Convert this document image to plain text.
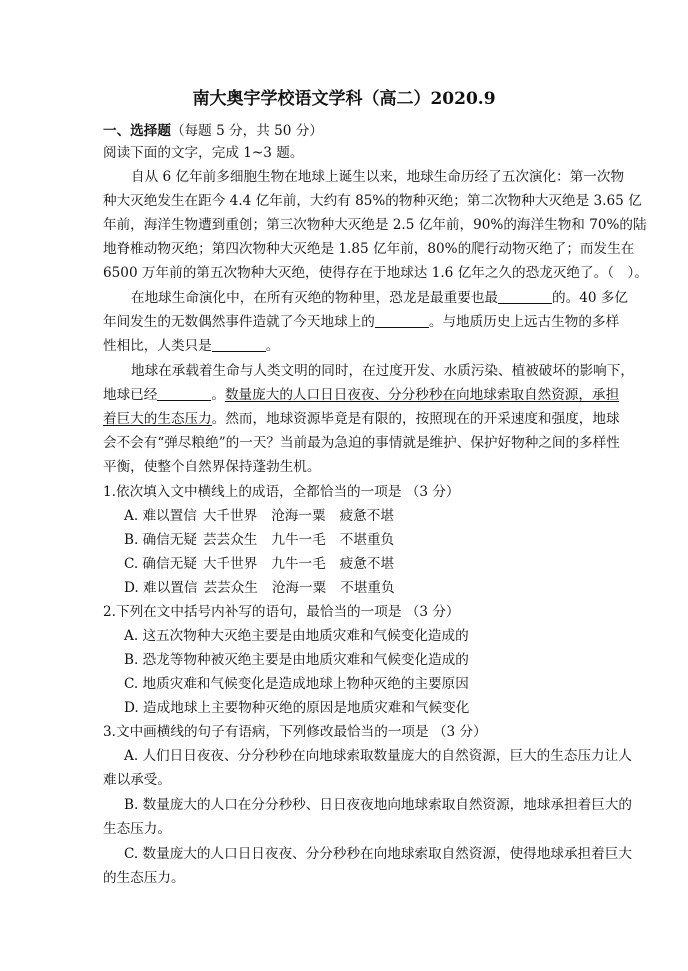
南大奥宇学校语文学科（高二）2020.9
一、选择题（每题 5 分，共 50 分）
阅读下面的文字，完成 1~3 题。
自从 6 亿年前多细胞生物在地球上诞生以来，地球生命历经了五次演化：第一次物
种大灭绝发生在距今 4.4 亿年前，大约有 85%的物种灭绝；第二次物种大灭绝是 3.65 亿
年前，海洋生物遭到重创；第三次物种大灭绝是 2.5 亿年前，90%的海洋生物和 70%的陆
地脊椎动物灭绝；第四次物种大灭绝是 1.85 亿年前，80%的爬行动物灭绝了；而发生在
6500 万年前的第五次物种大灭绝，使得存在于地球达 1.6 亿年之久的恐龙灭绝了。（　）。
在地球生命演化中，在所有灭绝的物种里，恐龙是最重要也最	的。40 多亿
年间发生的无数偶然事件造就了今天地球上的	。与地质历史上远古生物的多样
性相比，人类只是	。
地球在承载着生命与人类文明的同时，在过度开发、水质污染、植被破坏的影响下，
地球已经	。数量庞大的人口日日夜夜、分分秒秒在向地球索取自然资源，承担
着巨大的生态压力。然而，地球资源毕竟是有限的，按照现在的开采速度和强度，地球
会不会有“弹尽粮绝”的一天？当前最为急迫的事情就是维护、保护好物种之间的多样性
平衡，使整个自然界保持蓬勃生机。
1.依次填入文中横线上的成语，全都恰当的一项是 （3 分）
A. 难以置信 大千世界 沧海一粟 疲惫不堪
B. 确信无疑 芸芸众生 九牛一毛 不堪重负
C. 确信无疑 大千世界 九牛一毛 疲惫不堪
D. 难以置信 芸芸众生 沧海一粟 不堪重负
2.下列在文中括号内补写的语句，最恰当的一项是 （3 分）
A. 这五次物种大灭绝主要是由地质灾难和气候变化造成的
B. 恐龙等物种被灭绝主要是由地质灾难和气候变化造成的
C. 地质灾难和气候变化是造成地球上物种灭绝的主要原因
D. 造成地球上主要物种灭绝的原因是地质灾难和气候变化
3.文中画横线的句子有语病，下列修改最恰当的一项是 （3 分）
A. 人们日日夜夜、分分秒秒在向地球索取数量庞大的自然资源，巨大的生态压力让人
难以承受。
B. 数量庞大的人口在分分秒秒、日日夜夜地向地球索取自然资源，地球承担着巨大的
生态压力。
C. 数量庞大的人口日日夜夜、分分秒秒在向地球索取自然资源，使得地球承担着巨大
的生态压力。
